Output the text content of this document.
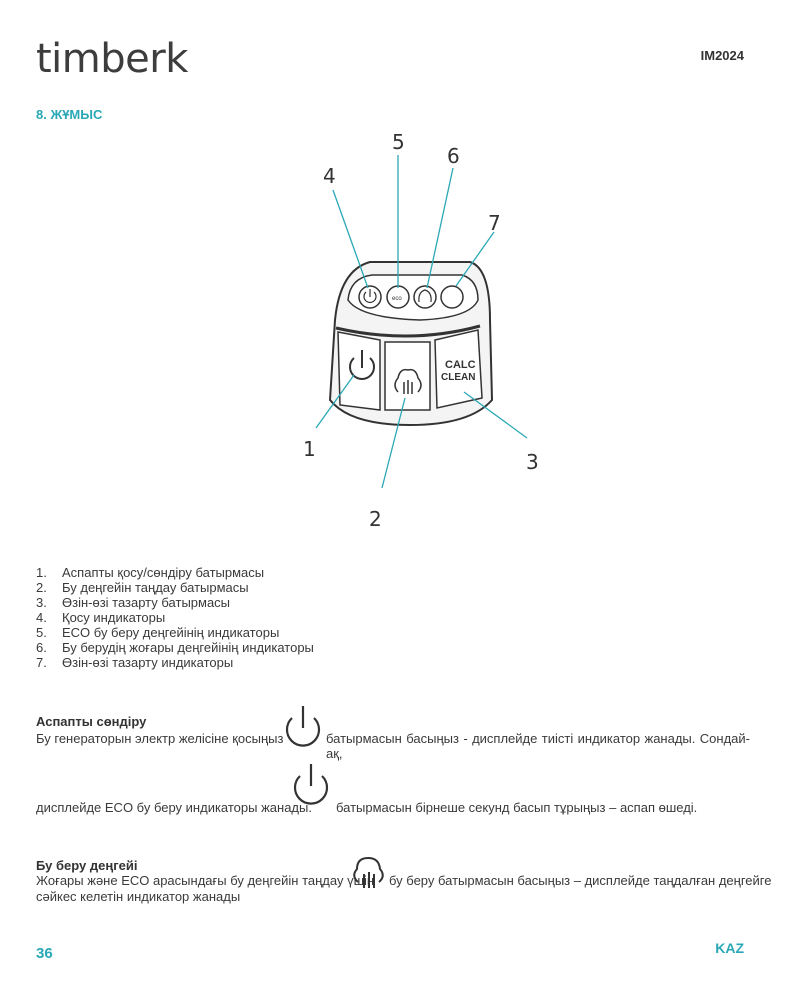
timberk	IM2024
8. ЖҰМЫС
eco
CALC
CLEAN
1
2
3
4
5
6
7
1.	Аспапты қосу/сөндіру батырмасы
2.	Бу деңгейін таңдау батырмасы
3.	Өзін-өзі тазарту батырмасы
4.	Қосу индикаторы
5.	ECO бу беру деңгейінің индикаторы
6.	Бу берудің жоғары деңгейінің индикаторы
7.	Өзін-өзі тазарту индикаторы
Аспапты сөндіру
Бу генераторын электр желісіне қосыңыз	батырмасын басыңыз - дисплейде тиісті индикатор жанады. Сондай-ақ,
дисплейде ECO бу беру индикаторы жанады. батырмасын бірнеше секунд басып тұрыңыз – аспап өшеді.
Бу беру деңгейі
Жоғары және ECO арасындағы бу деңгейін таңдау үшін бу беру батырмасын басыңыз – дисплейде таңдалған деңгейге
сәйкес келетін индикатор жанады
36	KAZ
